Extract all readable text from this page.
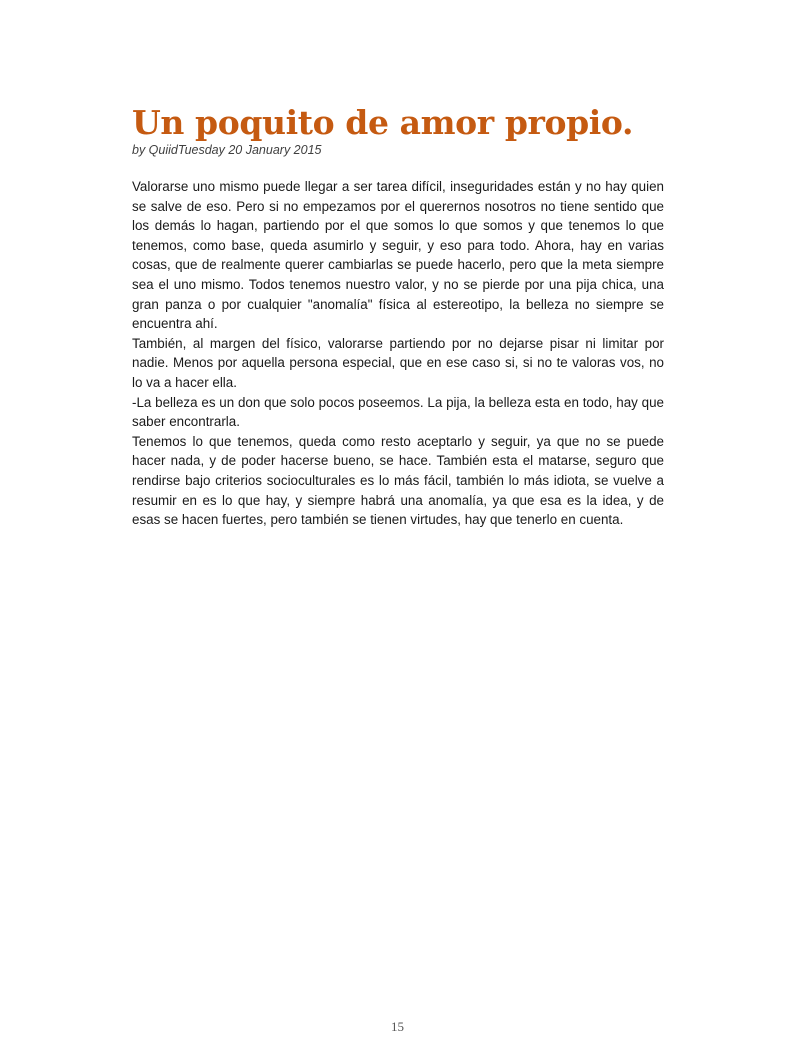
Un poquito de amor propio.
by QuiidTuesday 20 January 2015

Valorarse uno mismo puede llegar a ser tarea difícil, inseguridades están y no hay quien se salve de eso. Pero si no empezamos por el querernos nosotros no tiene sentido que los demás lo hagan, partiendo por el que somos lo que somos y que tenemos lo que tenemos, como base, queda asumirlo y seguir, y eso para todo. Ahora, hay en varias cosas, que de realmente querer cambiarlas se puede hacerlo, pero que la meta siempre sea el uno mismo. Todos tenemos nuestro valor, y no se pierde por una pija chica, una gran panza o por cualquier "anomalía" física al estereotipo, la belleza no siempre se encuentra ahí.

También, al margen del físico, valorarse partiendo por no dejarse pisar ni limitar por nadie. Menos por aquella persona especial, que en ese caso si, si no te valoras vos, no lo va a hacer ella.

-La belleza es un don que solo pocos poseemos. La pija, la belleza esta en todo, hay que saber encontrarla.

Tenemos lo que tenemos, queda como resto aceptarlo y seguir, ya que no se puede hacer nada, y de poder hacerse bueno, se hace. También esta el matarse, seguro que rendirse bajo criterios socioculturales es lo más fácil, también lo más idiota, se vuelve a resumir en es lo que hay, y siempre habrá una anomalía, ya que esa es la idea, y de esas se hacen fuertes, pero también se tienen virtudes, hay que tenerlo en cuenta.

15
